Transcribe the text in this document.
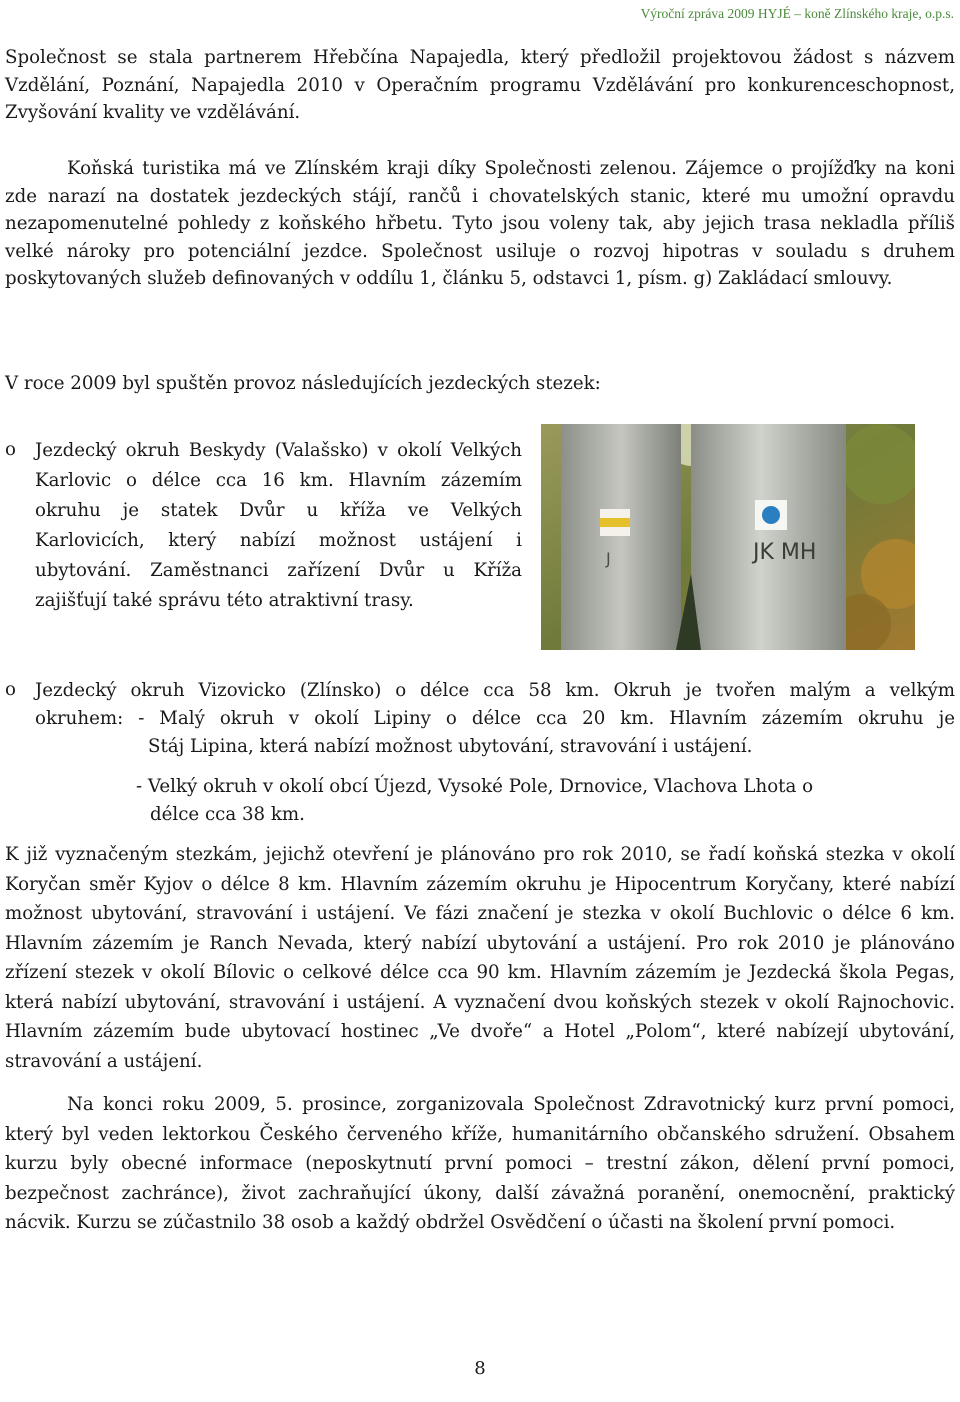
Výroční zpráva 2009 HYJÉ – koně Zlínského kraje, o.p.s.

Společnost se stala partnerem Hřebčína Napajedla, který předložil projektovou žádost s názvem Vzdělání, Poznání, Napajedla 2010 v Operačním programu Vzdělávání pro konkurenceschopnost, Zvyšování kvality ve vzdělávání.

Koňská turistika má ve Zlínském kraji díky Společnosti zelenou. Zájemce o projížďky na koni zde narazí na dostatek jezdeckých stájí, rančů i chovatelských stanic, které mu umožní opravdu nezapomenutelné pohledy z koňského hřbetu. Tyto jsou voleny tak, aby jejich trasa nekladla příliš velké nároky pro potenciální jezdce. Společnost usiluje o rozvoj hipotras v souladu s druhem poskytovaných služeb definovaných v oddílu 1, článku 5, odstavci 1, písm. g) Zakládací smlouvy.

V roce 2009 byl spuštěn provoz následujících jezdeckých stezek:

o Jezdecký okruh Beskydy (Valašsko) v okolí Velkých Karlovic o délce cca 16 km. Hlavním zázemím okruhu je statek Dvůr u kříža ve Velkých Karlovicích, který nabízí možnost ustájení i ubytování. Zaměstnanci zařízení Dvůr u Kříža zajišťují také správu této atraktivní trasy.

JK MH
J
o Jezdecký okruh Vizovicko (Zlínsko) o délce cca 58 km. Okruh je tvořen malým a velkým

okruhem: - Malý okruh v okolí Lipiny o délce cca 20 km. Hlavním zázemím okruhu je

Stáj Lipina, která nabízí možnost ubytování, stravování i ustájení.

- Velký okruh v okolí obcí Újezd, Vysoké Pole, Drnovice, Vlachova Lhota o

délce cca 38 km.

K již vyznačeným stezkám, jejichž otevření je plánováno pro rok 2010, se řadí koňská stezka v okolí Koryčan směr Kyjov o délce 8 km. Hlavním zázemím okruhu je Hipocentrum Koryčany, které nabízí možnost ubytování, stravování i ustájení. Ve fázi značení je stezka v okolí Buchlovic o délce 6 km. Hlavním zázemím je Ranch Nevada, který nabízí ubytování a ustájení. Pro rok 2010 je plánováno zřízení stezek v okolí Bílovic o celkové délce cca 90 km. Hlavním zázemím je Jezdecká škola Pegas, která nabízí ubytování, stravování i ustájení. A vyznačení dvou koňských stezek v okolí Rajnochovic. Hlavním zázemím bude ubytovací hostinec „Ve dvoře“ a Hotel „Polom“, které nabízejí ubytování, stravování a ustájení.

Na konci roku 2009, 5. prosince, zorganizovala Společnost Zdravotnický kurz první pomoci, který byl veden lektorkou Českého červeného kříže, humanitárního občanského sdružení. Obsahem kurzu byly obecné informace (neposkytnutí první pomoci – trestní zákon, dělení první pomoci, bezpečnost zachránce), život zachraňující úkony, další závažná poranění, onemocnění, praktický nácvik. Kurzu se zúčastnilo 38 osob a každý obdržel Osvědčení o účasti na školení první pomoci.

8
